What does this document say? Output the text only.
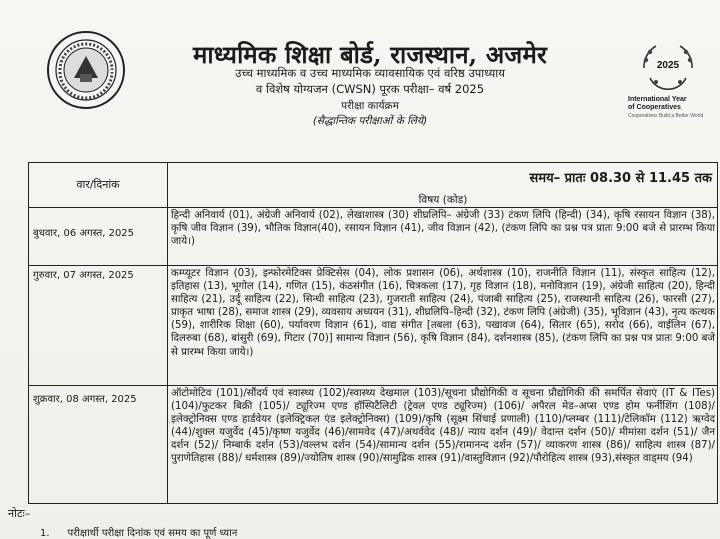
2025
International Year
of Cooperatives
Cooperatives Build a Better World
माध्यमिक शिक्षा बोर्ड, राजस्थान, अजमेर
उच्च माध्यमिक व उच्च माध्यमिक व्यावसायिक एवं वरिष्ठ उपाध्याय
व विशेष योग्यजन (CWSN) पूरक परीक्षा– वर्ष 2025
परीक्षा कार्यक्रम
(सैद्धान्तिक परीक्षाओं के लिये)
समय– प्रातः 08.30 से 11.45 तक
वार/दिनांक
विषय (कोड)
बुधवार, 06 अगस्त, 2025

हिन्दी अनिवार्य (01), अंग्रेजी अनिवार्य (02), लेखाशास्त्र (30) शीघ्रलिपि– अंग्रेजी (33) टंकण लिपि (हिन्दी) (34), कृषि रसायन विज्ञान (38), कृषि जीव विज्ञान (39), भौतिक विज्ञान(40), रसायन विज्ञान (41), जीव विज्ञान (42), (टंकण लिपि का प्रश्न पत्र प्रातः 9:00 बजे से प्रारम्भ किया जाये।)

गुरुवार, 07 अगस्त, 2025	कम्प्यूटर विज्ञान (03), इन्फोरमेटिक्स प्रेक्टिसेस (04), लोक प्रशासन (06), अर्थशास्त्र (10), राजनीति विज्ञान (11), संस्कृत साहित्य (12), इतिहास (13), भूगोल (14), गणित (15), कंठसंगीत (16), चित्रकला (17), गृह विज्ञान (18), मनोविज्ञान (19), अंग्रेजी साहित्य (20), हिन्दी साहित्य (21), उर्दू साहित्य (22), सिन्धी साहित्य (23), गुजराती साहित्य (24), पंजाबी साहित्य (25), राजस्थानी साहित्य (26), फारसी (27), प्राकृत भाषा (28), समाज शास्त्र (29), व्यवसाय अध्ययन (31), शीघ्रलिपि–हिन्दी (32), टंकण लिपि (अंग्रेजी) (35), भूविज्ञान (43), नृत्य कत्थक (59), शारीरिक शिक्षा (60), पर्यावरण विज्ञान (61), वाद्य संगीत [तबला (63), पखावज (64), सितार (65), सरोद (66), वाईलिन (67), दिलरुबा (68), बांसुरी (69), गिटार (70)] सामान्य विज्ञान (56), कृषि विज्ञान (84), दर्शनशास्त्र (85), (टंकण लिपि का प्रश्न पत्र प्रातः 9:00 बजे से प्रारम्भ किया जाये।)

शुक्रवार, 08 अगस्त, 2025

ऑटोमोटिव (101)/सौंदर्य एवं स्वास्थ्य (102)/स्वास्थ्य देखमाल (103)/सूचना प्रौद्योगिकी व सूचना प्रौद्योगिकी की समर्पित सेवाएं (IT & ITes) (104)/फुटकर बिक्री (105)/ ट्यूरिज्म एण्ड हॉस्पिटैलिटी (ट्रेवल एण्ड ट्यूरिज्म) (106)/ अपैरल मेड–अप्स एण्ड होम फर्नीशिंग (108)/ इलेक्ट्रोनिक्स एण्ड हार्डवेयर (इलेक्ट्रिकल एंड इलेक्ट्रोनिक्स) (109)/कृषि (सूक्ष्म सिंचाई प्रणाली) (110)/प्लम्बर (111)/टेलिकॉम (112) ऋग्वेद (44)/शुक्ल यजुर्वेद (45)/कृष्ण यजुर्वेद (46)/सामवेद (47)/अथर्ववेद (48)/ न्याय दर्शन (49)/ वेदान्त दर्शन (50)/ मीमांसा दर्शन (51)/ जैन दर्शन (52)/ निम्बार्क दर्शन (53)/वल्लभ दर्शन (54)/सामान्य दर्शन (55)/रामानन्द दर्शन (57)/ व्याकरण शास्त्र (86)/ साहित्य शास्त्र (87)/पुराणेतिहास (88)/ धर्मशास्त्र (89)/ज्योतिष शास्त्र (90)/सामुद्रिक शास्त्र (91)/वास्तुविज्ञान (92)/पौरोहित्य शास्त्र (93),संस्कृत वाड्मय (94)

नोटः–
1. परीक्षार्थी परीक्षा दिनांक एवं समय का पूर्ण ध्यान
